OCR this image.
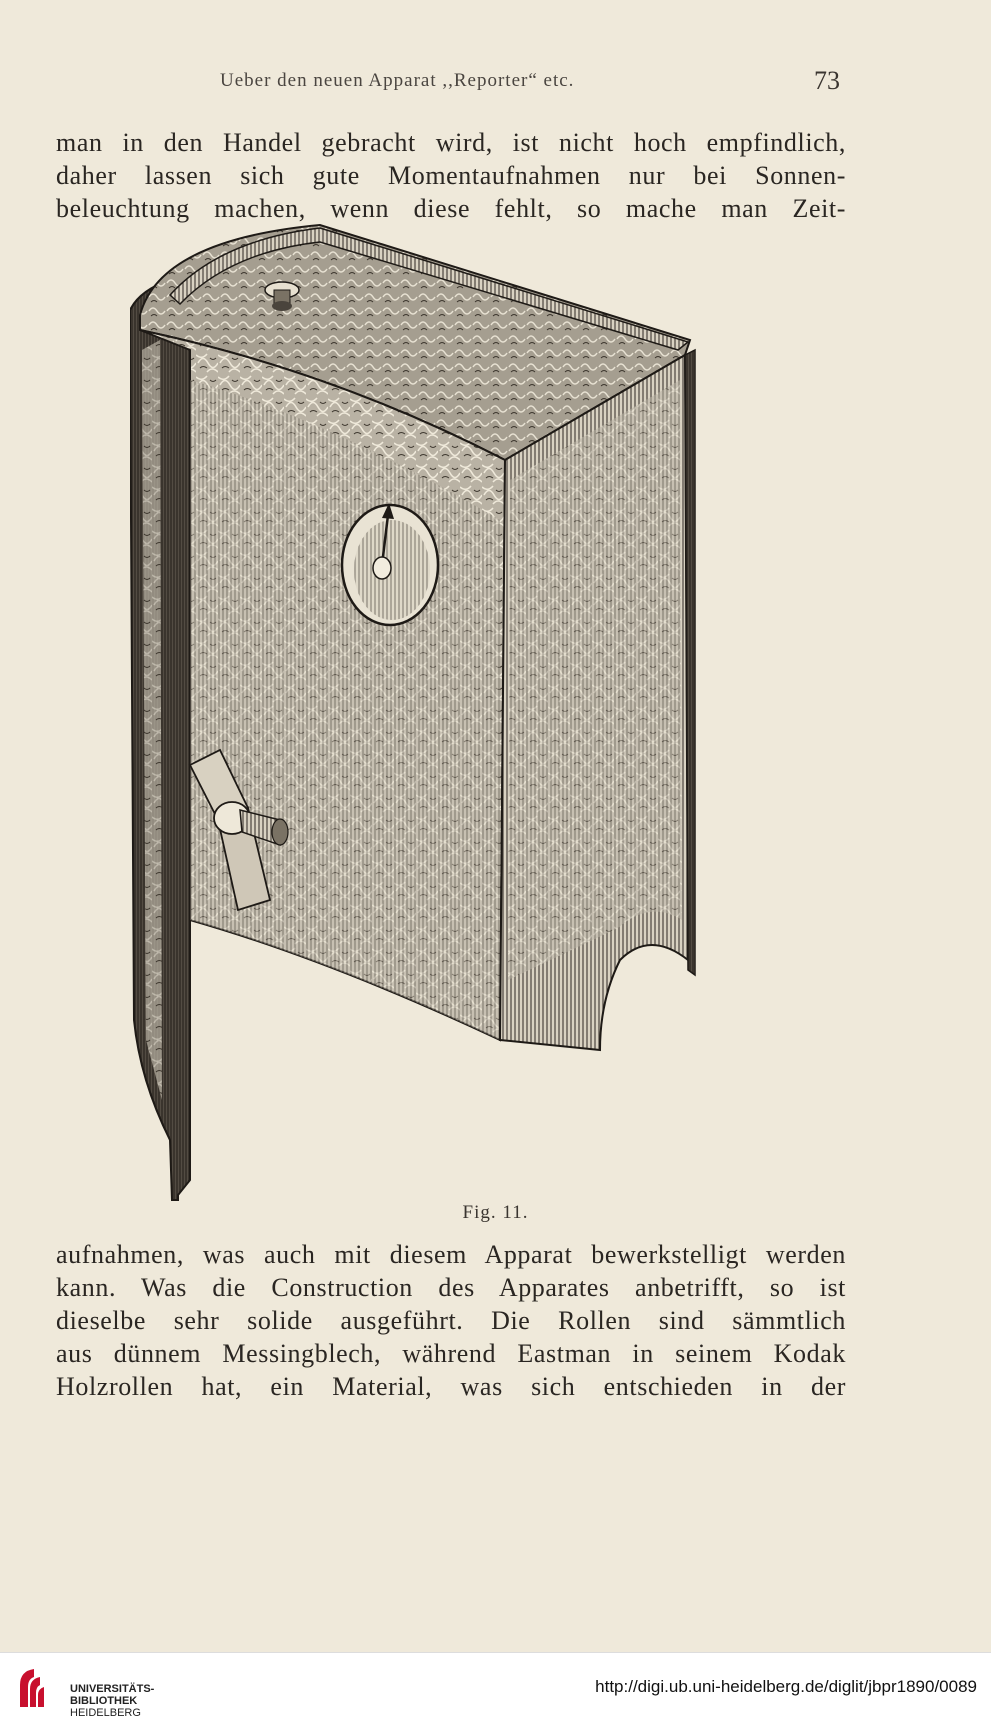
Ueber den neuen Apparat ,,Reporter“ etc.	73
man in den Handel gebracht wird, ist nicht hoch empfindlich,
daher lassen sich gute Momentaufnahmen nur bei Sonnen-
beleuchtung machen, wenn diese fehlt, so mache man Zeit-
Fig. 11.
aufnahmen, was auch mit diesem Apparat bewerkstelligt werden
kann. Was die Construction des Apparates anbetrifft, so ist
dieselbe sehr solide ausgeführt. Die Rollen sind sämmtlich
aus dünnem Messingblech, während Eastman in seinem Kodak
Holzrollen hat, ein Material, was sich entschieden in der
UNIVERSITÄTS-
BIBLIOTHEK
HEIDELBERG
http://digi.ub.uni-heidelberg.de/diglit/jbpr1890/0089
